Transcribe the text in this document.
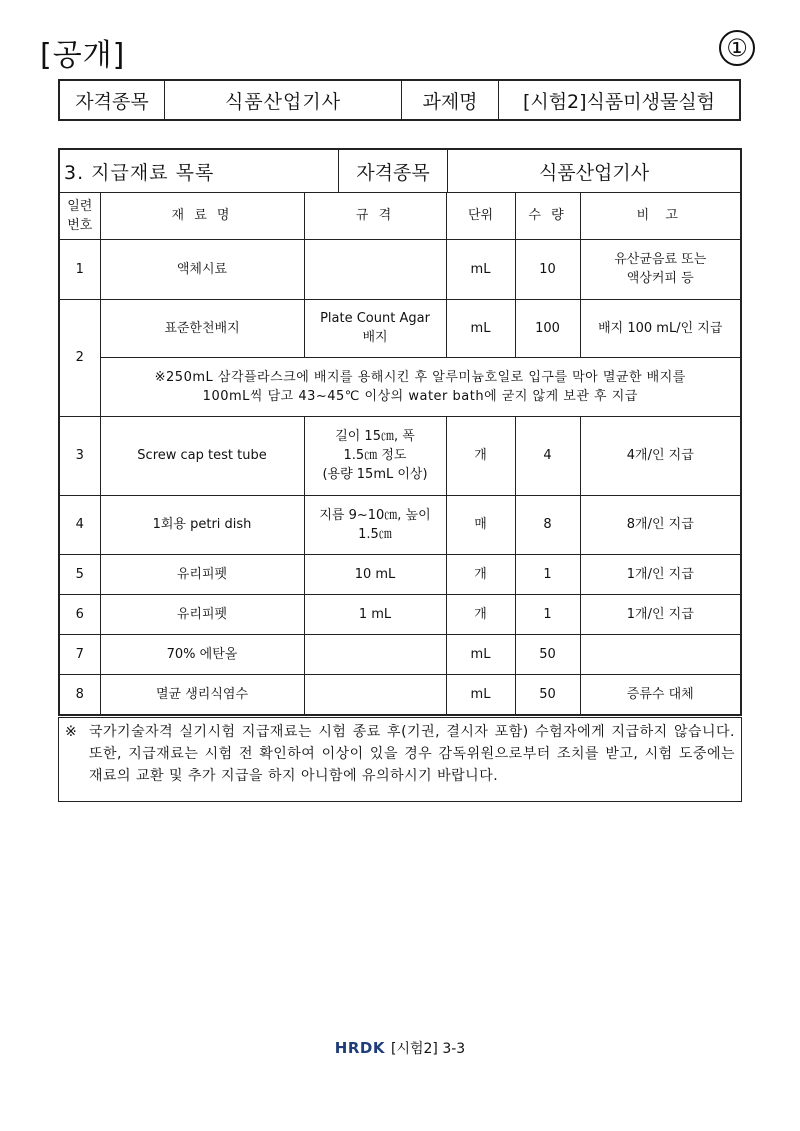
[공개]	①
자격종목	식품산업기사	과제명	[시험2]식품미생물실험
3. 지급재료 목록	자격종목	식품산업기사
일련
번호	재 료 명	규 격	단위	수 량	비 고
1	액체시료		mL	10	유산균음료 또는
액상커피 등

2	표준한천배지	Plate Count Agar
배지	mL	100	배지 100 mL/인 지급

	※250mL 삼각플라스크에 배지를 용해시킨 후 알루미늄호일로 입구를 막아 멸균한 배지를
100mL씩 담고 43~45℃ 이상의 water bath에 굳지 않게 보관 후 지급				

3	Screw cap test tube	길이 15㎝, 폭
1.5㎝ 정도
(용량 15mL 이상)	개	4	4개/인 지급
4	1회용 petri dish	지름 9~10㎝, 높이
1.5㎝	매	8	8개/인 지급
5	유리피펫	10 mL	개	1	1개/인 지급
6	유리피펫	1 mL	개	1	1개/인 지급
7	70% 에탄올		mL	50	
8	멸균 생리식염수		mL	50	증류수 대체
※ 국가기술자격 실기시험 지급재료는 시험 종료 후(기권, 결시자 포함) 수험자에게 지급하지 않습니다. 또한, 지급재료는 시험 전 확인하여 이상이 있을 경우 감독위원으로부터 조치를 받고, 시험 도중에는 재료의 교환 및 추가 지급을 하지 아니함에 유의하시기 바랍니다.
HRDK [시험2] 3-3
